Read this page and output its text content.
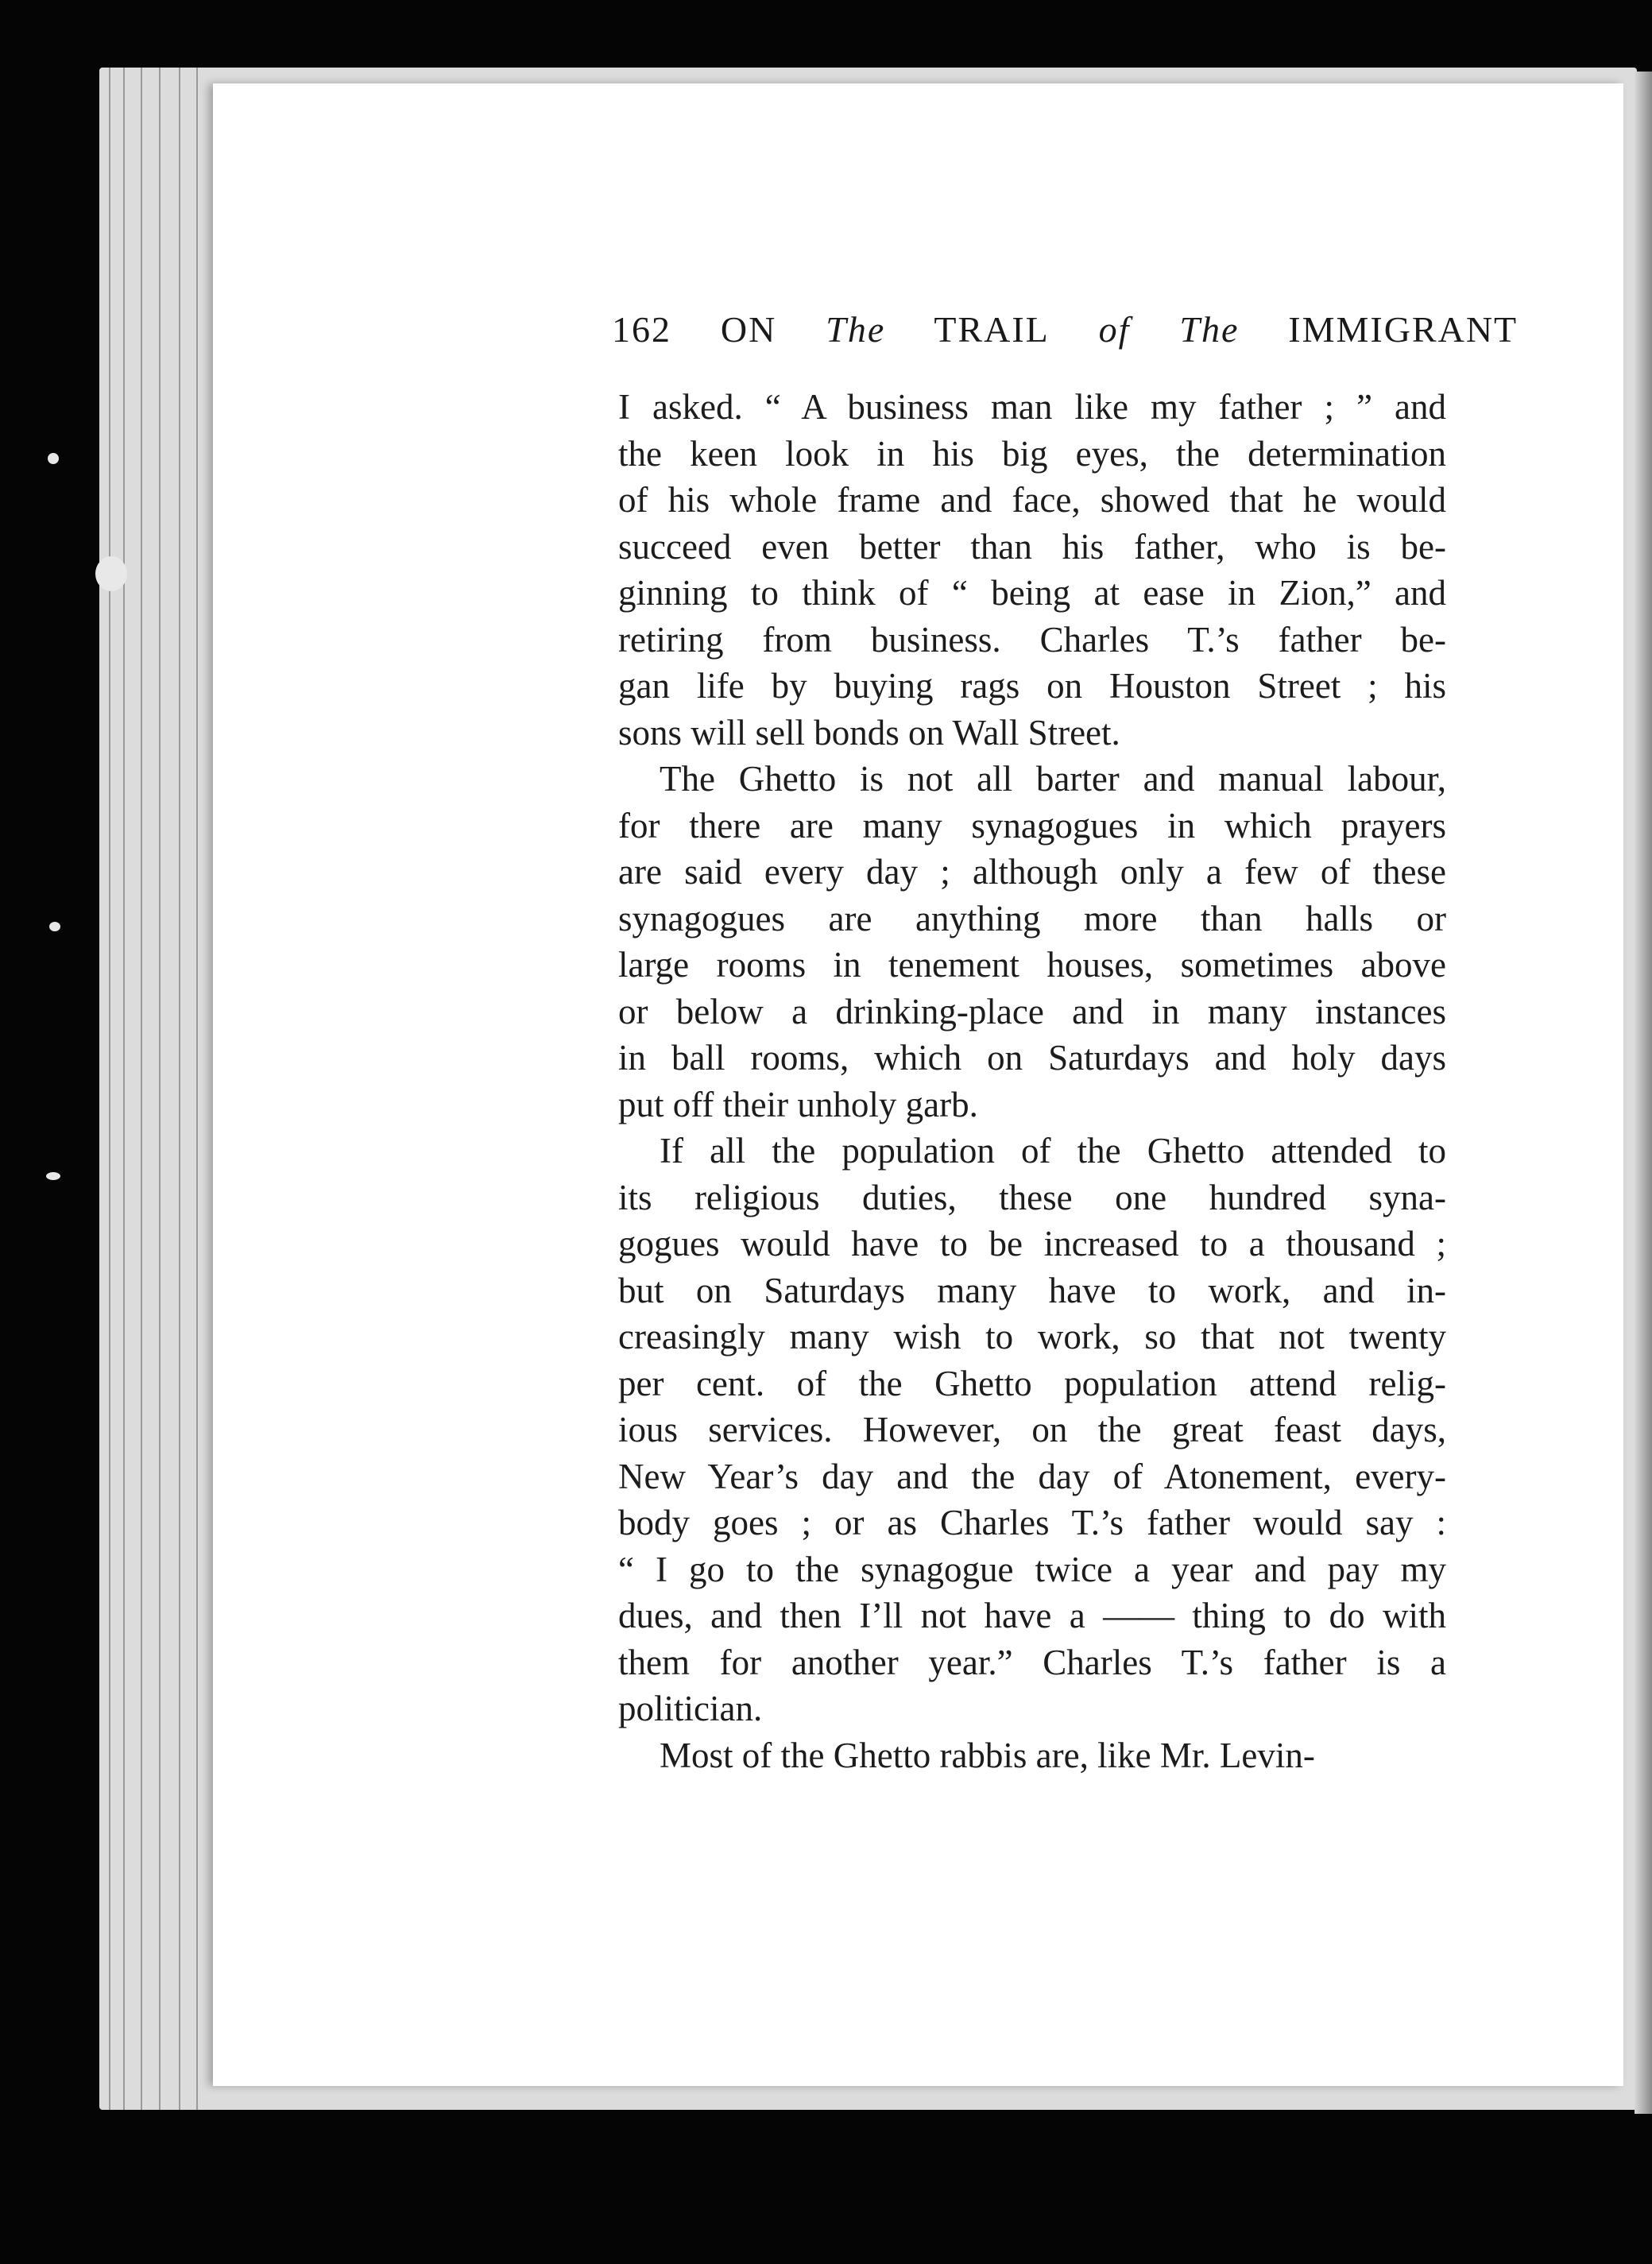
162 ON The TRAIL of The IMMIGRANT
I asked. “ A business man like my father ; ” and
the keen look in his big eyes, the determination
of his whole frame and face, showed that he would
succeed even better than his father, who is be-
ginning to think of “ being at ease in Zion,” and
retiring from business. Charles T.’s father be-
gan life by buying rags on Houston Street ; his
sons will sell bonds on Wall Street.
The Ghetto is not all barter and manual labour,
for there are many synagogues in which prayers
are said every day ; although only a few of these
synagogues are anything more than halls or
large rooms in tenement houses, sometimes above
or below a drinking-place and in many instances
in ball rooms, which on Saturdays and holy days
put off their unholy garb.
If all the population of the Ghetto attended to
its religious duties, these one hundred syna-
gogues would have to be increased to a thousand ;
but on Saturdays many have to work, and in-
creasingly many wish to work, so that not twenty
per cent. of the Ghetto population attend relig-
ious services. However, on the great feast days,
New Year’s day and the day of Atonement, every-
body goes ; or as Charles T.’s father would say :
“ I go to the synagogue twice a year and pay my
dues, and then I’ll not have a —— thing to do with
them for another year.” Charles T.’s father is a
politician.
Most of the Ghetto rabbis are, like Mr. Levin-
